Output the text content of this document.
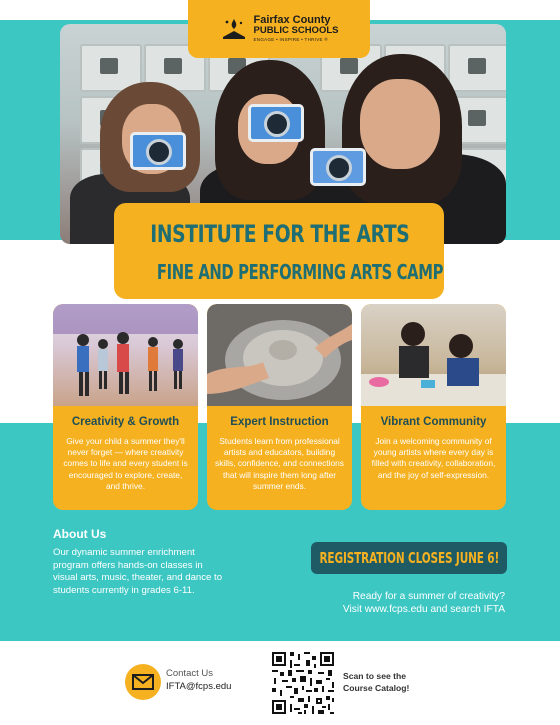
Fairfax County
PUBLIC SCHOOLS
ENGAGE • INSPIRE • THRIVE ®
INSTITUTE FOR THE ARTS
FINE AND PERFORMING ARTS CAMP
Creativity & Growth
Give your child a summer they'll never forget — where creativity comes to life and every student is encouraged to explore, create, and thrive.
Expert Instruction
Students learn from professional artists and educators, building skills, confidence, and connections that will inspire them long after summer ends.
Vibrant Community
Join a welcoming community of young artists where every day is filled with creativity, collaboration, and the joy of self-expression.
About Us
Our dynamic summer enrichment program offers hands-on classes in visual arts, music, theater, and dance to students currently in grades 6-11.
REGISTRATION CLOSES JUNE 6!
Ready for a summer of creativity?
Visit www.fcps.edu and search IFTA
Contact Us
IFTA@fcps.edu
Scan to see the
Course Catalog!
